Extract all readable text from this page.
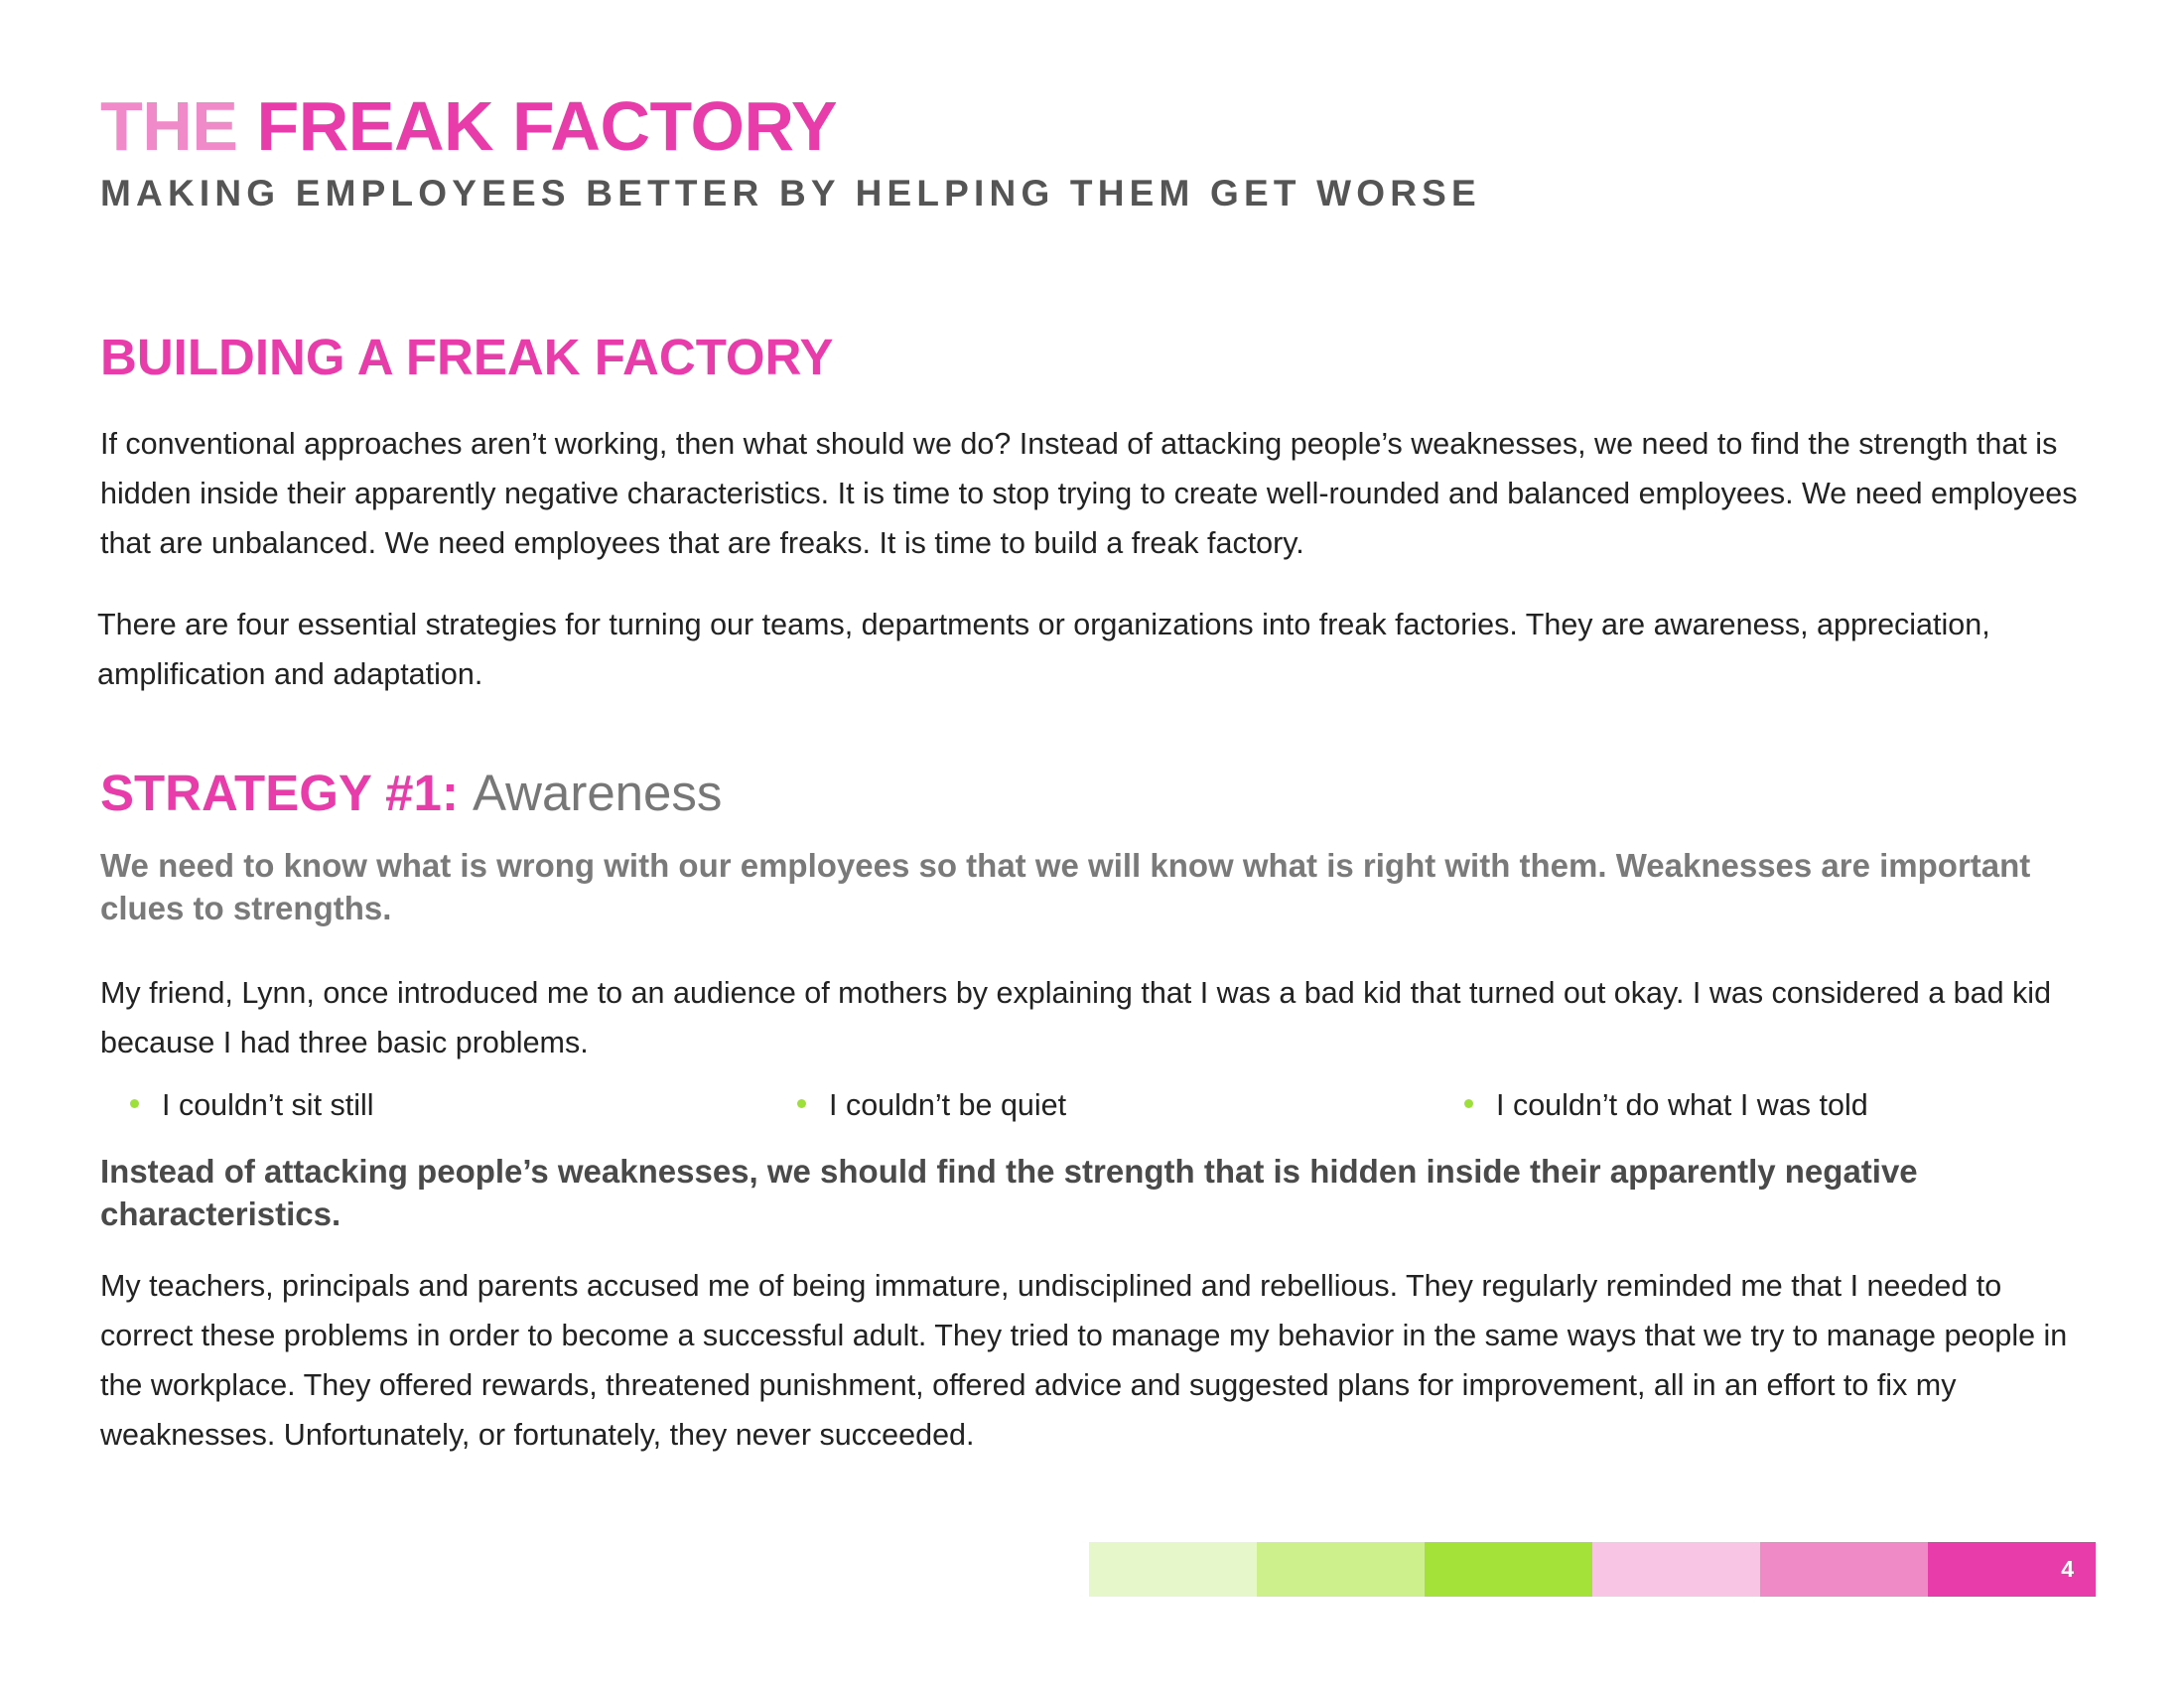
THE FREAK FACTORY
MAKING EMPLOYEES BETTER BY HELPING THEM GET WORSE
BUILDING A FREAK FACTORY

If conventional approaches aren’t working, then what should we do? Instead of attacking people’s weaknesses, we need to find the strength that is hidden inside their apparently negative characteristics. It is time to stop trying to create well-rounded and balanced employees. We need employees that are unbalanced. We need employees that are freaks. It is time to build a freak factory.

There are four essential strategies for turning our teams, departments or organizations into freak factories. They are awareness, appreciation, amplification and adaptation.

STRATEGY #1: Awareness

We need to know what is wrong with our employees so that we will know what is right with them. Weaknesses are important clues to strengths.

My friend, Lynn, once introduced me to an audience of mothers by explaining that I was a bad kid that turned out okay. I was considered a bad kid because I had three basic problems.

I couldn’t sit still	I couldn’t be quiet	I couldn’t do what I was told

Instead of attacking people’s weaknesses, we should find the strength that is hidden inside their apparently negative characteristics.

My teachers, principals and parents accused me of being immature, undisciplined and rebellious. They regularly reminded me that I needed to correct these problems in order to become a successful adult. They tried to manage my behavior in the same ways that we try to manage people in the workplace. They offered rewards, threatened punishment, offered advice and suggested plans for improvement, all in an effort to fix my weaknesses. Unfortunately, or fortunately, they never succeeded.

4
